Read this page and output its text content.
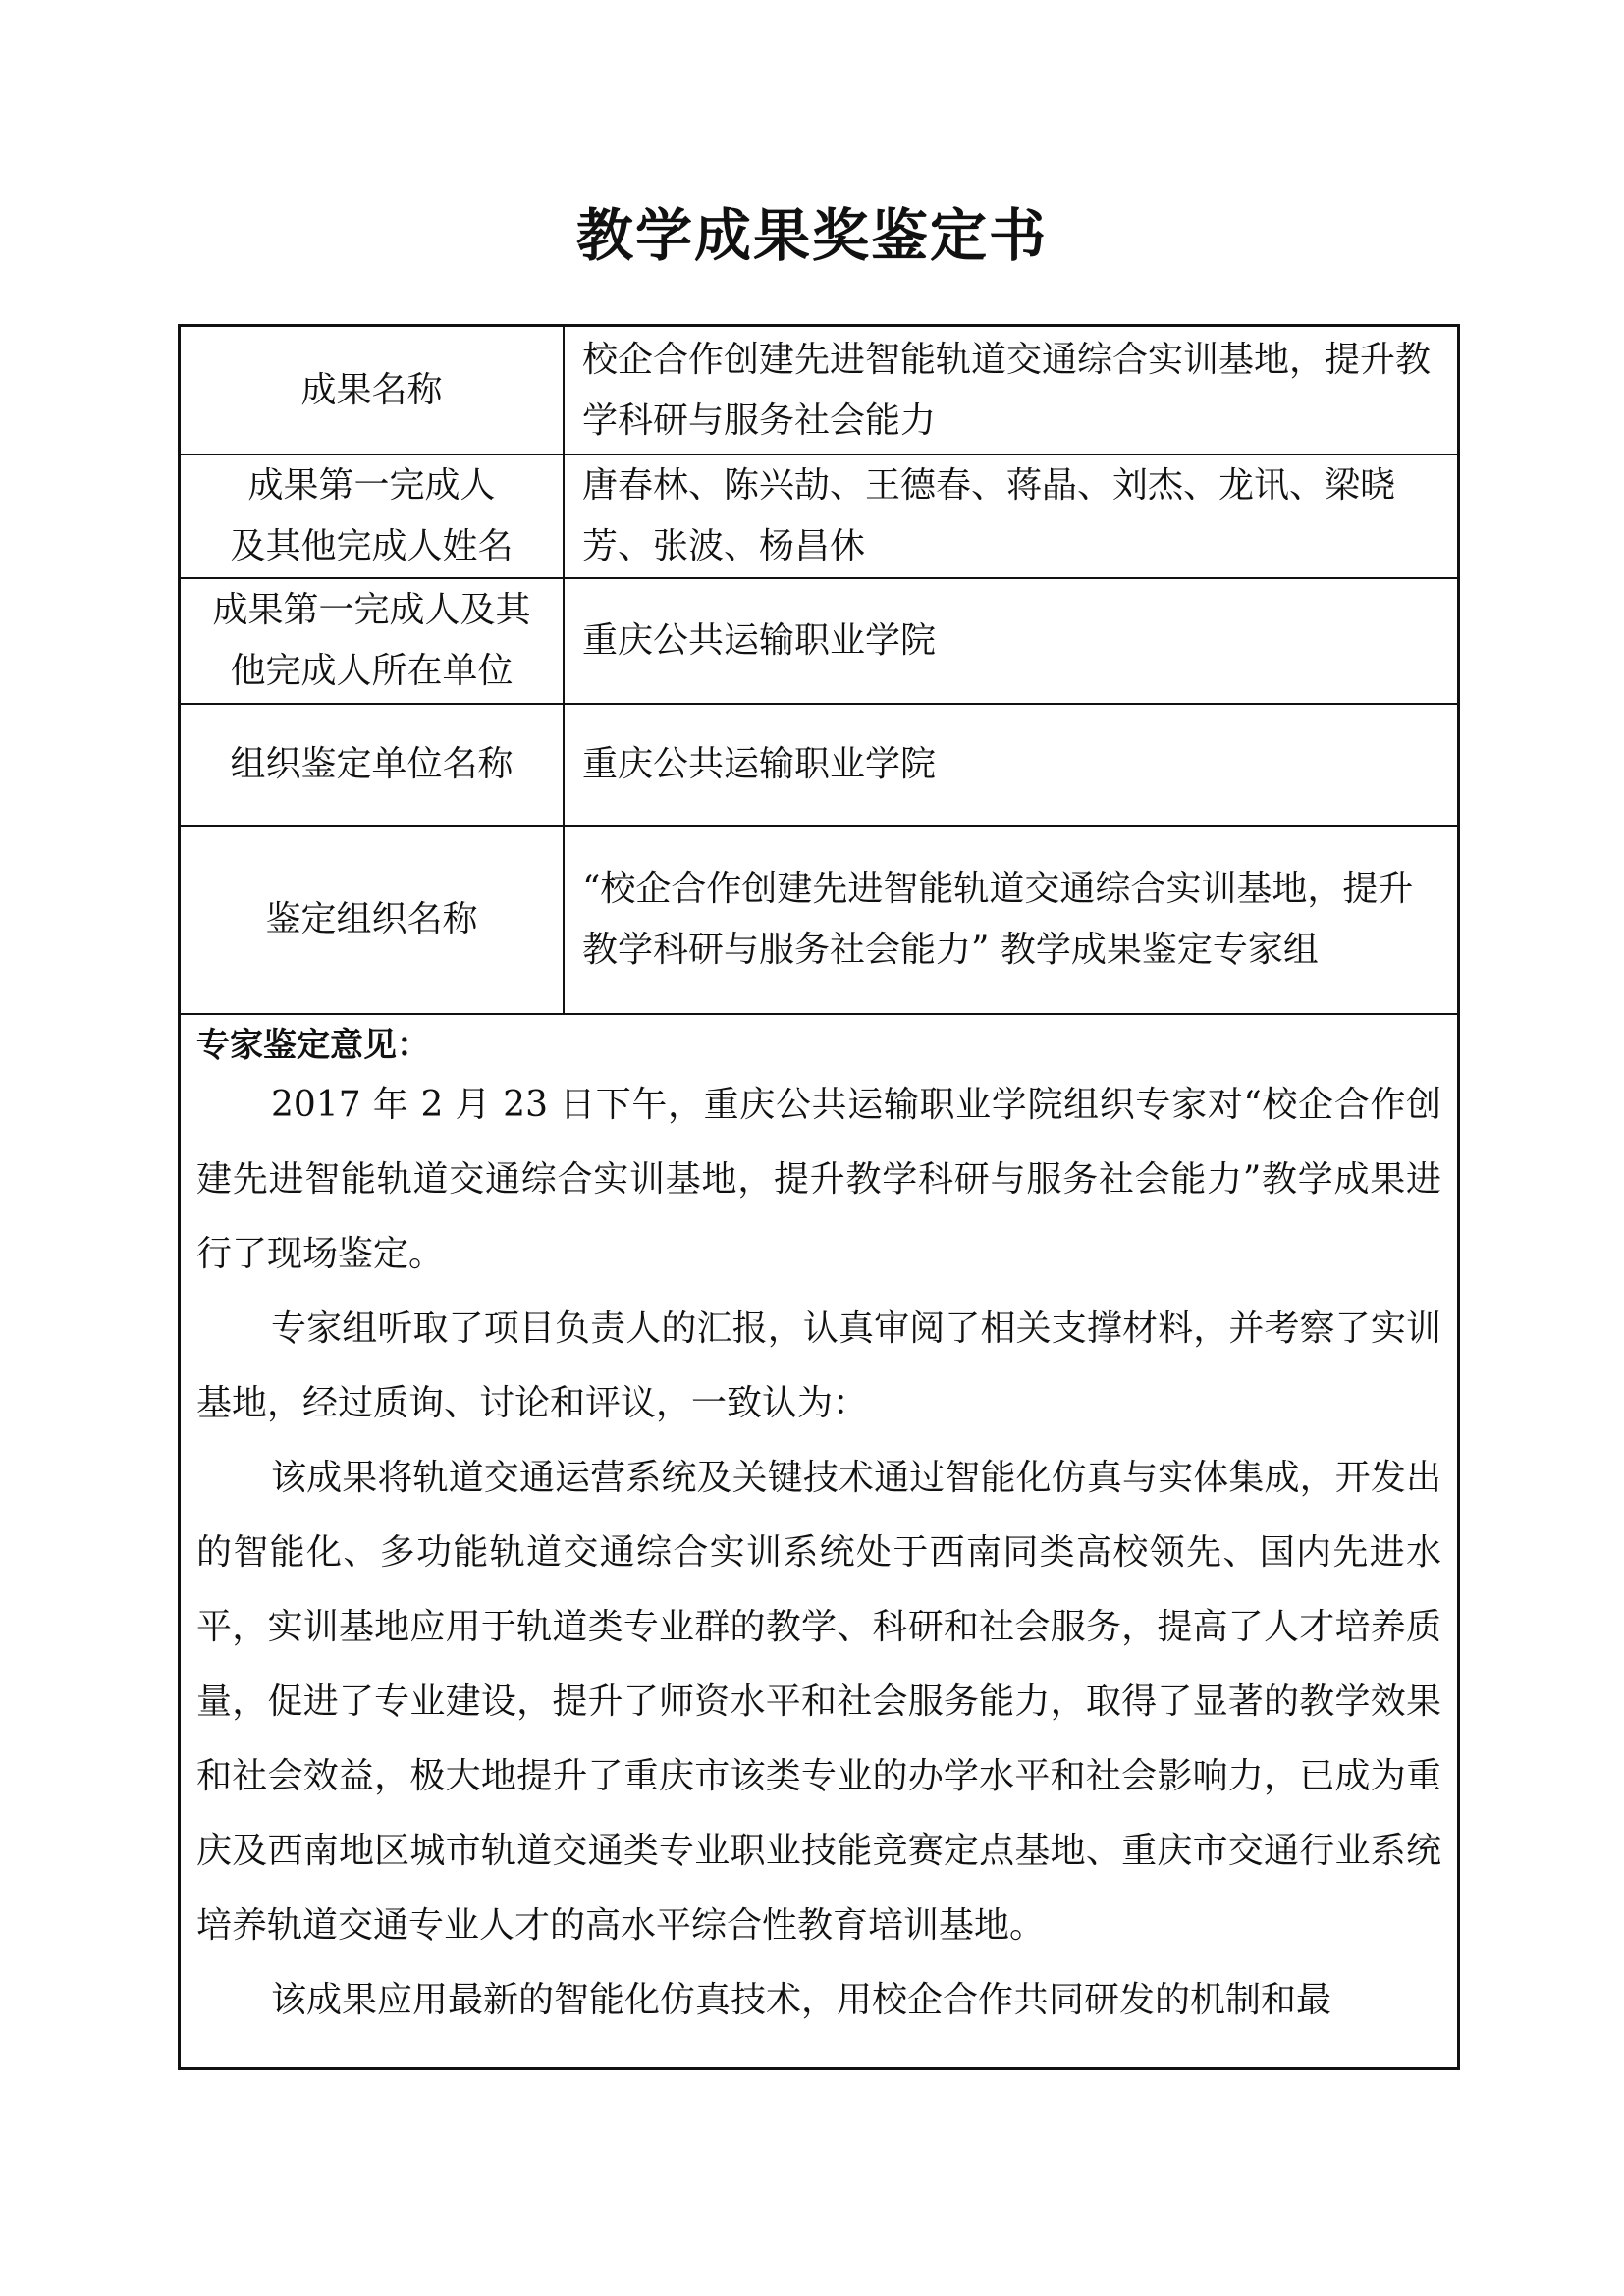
教学成果奖鉴定书
成果名称	校企合作创建先进智能轨道交通综合实训基地，提升教学科研与服务社会能力
成果第一完成人
及其他完成人姓名	唐春林、陈兴劼、王德春、蒋晶、刘杰、龙讯、梁晓芳、张波、杨昌休
成果第一完成人及其
他完成人所在单位	重庆公共运输职业学院
组织鉴定单位名称	重庆公共运输职业学院
鉴定组织名称	“校企合作创建先进智能轨道交通综合实训基地，提升教学科研与服务社会能力” 教学成果鉴定专家组
专家鉴定意见：

2017 年 2 月 23 日下午，重庆公共运输职业学院组织专家对“校企合作创建先进智能轨道交通综合实训基地，提升教学科研与服务社会能力”教学成果进行了现场鉴定。

专家组听取了项目负责人的汇报，认真审阅了相关支撑材料，并考察了实训基地，经过质询、讨论和评议，一致认为：

该成果将轨道交通运营系统及关键技术通过智能化仿真与实体集成，开发出的智能化、多功能轨道交通综合实训系统处于西南同类高校领先、国内先进水平，实训基地应用于轨道类专业群的教学、科研和社会服务，提高了人才培养质量，促进了专业建设，提升了师资水平和社会服务能力，取得了显著的教学效果和社会效益，极大地提升了重庆市该类专业的办学水平和社会影响力，已成为重庆及西南地区城市轨道交通类专业职业技能竞赛定点基地、重庆市交通行业系统培养轨道交通专业人才的高水平综合性教育培训基地。

该成果应用最新的智能化仿真技术，用校企合作共同研发的机制和最
